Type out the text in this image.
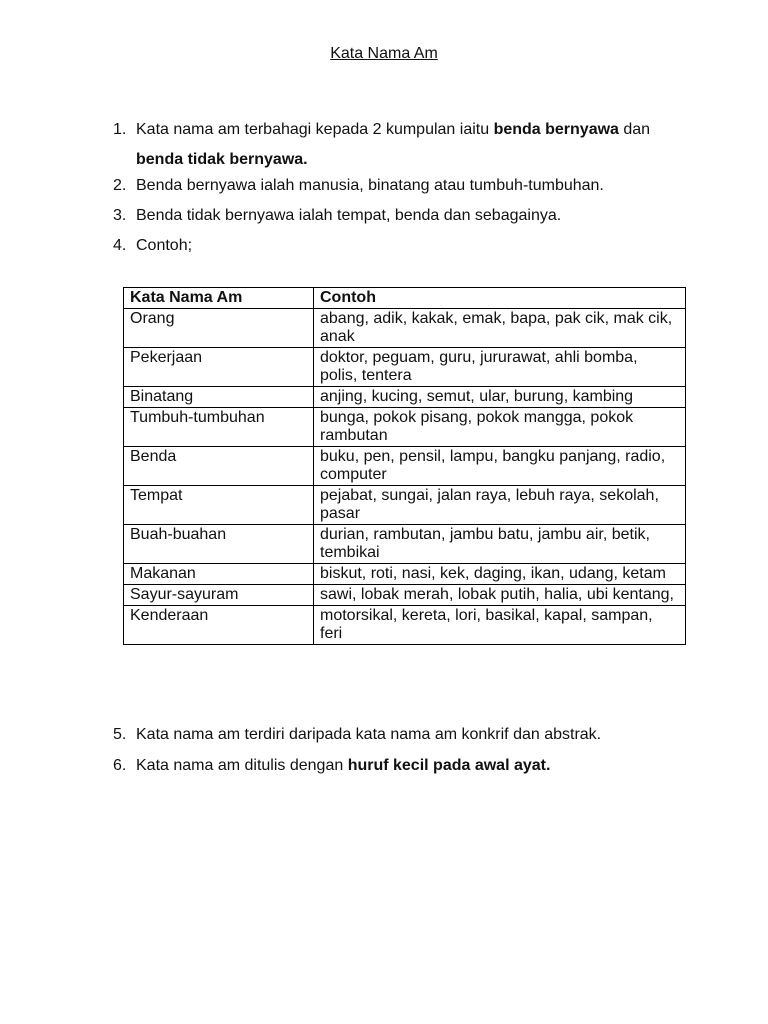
Kata Nama Am
1. Kata nama am terbahagi kepada 2 kumpulan iaitu benda bernyawa dan benda tidak bernyawa.
2. Benda bernyawa ialah manusia, binatang atau tumbuh-tumbuhan.
3. Benda tidak bernyawa ialah tempat, benda dan sebagainya.
4. Contoh;
Kata Nama Am	Contoh
Orang	abang, adik, kakak, emak, bapa, pak cik, mak cik, anak
Pekerjaan	doktor, peguam, guru, jururawat, ahli bomba, polis, tentera
Binatang	anjing, kucing, semut, ular, burung, kambing
Tumbuh-tumbuhan	bunga, pokok pisang, pokok mangga, pokok rambutan
Benda	buku, pen, pensil, lampu, bangku panjang, radio, computer
Tempat	pejabat, sungai, jalan raya, lebuh raya, sekolah, pasar
Buah-buahan	durian, rambutan, jambu batu, jambu air, betik, tembikai
Makanan	biskut, roti, nasi, kek, daging, ikan, udang, ketam
Sayur-sayuram	sawi, lobak merah, lobak putih, halia, ubi kentang,
Kenderaan	motorsikal, kereta, lori, basikal, kapal, sampan, feri
5. Kata nama am terdiri daripada kata nama am konkrif dan abstrak.
6. Kata nama am ditulis dengan huruf kecil pada awal ayat.
